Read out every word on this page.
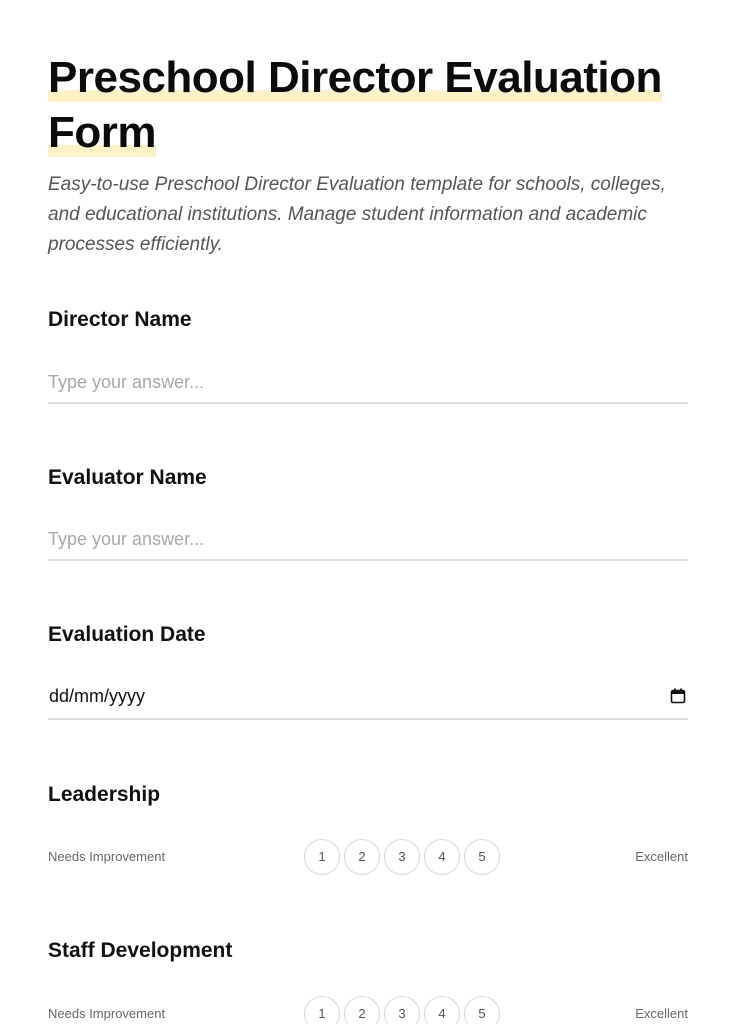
Preschool Director Evaluation Form

Easy-to-use Preschool Director Evaluation template for schools, colleges, and educational institutions. Manage student information and academic processes efficiently.

Director Name
Type your answer...
Evaluator Name
Type your answer...
Evaluation Date
dd/mm/yyyy
Leadership
Needs Improvement	1	2	3	4	5	Excellent
Staff Development
Needs Improvement	1	2	3	4	5	Excellent
